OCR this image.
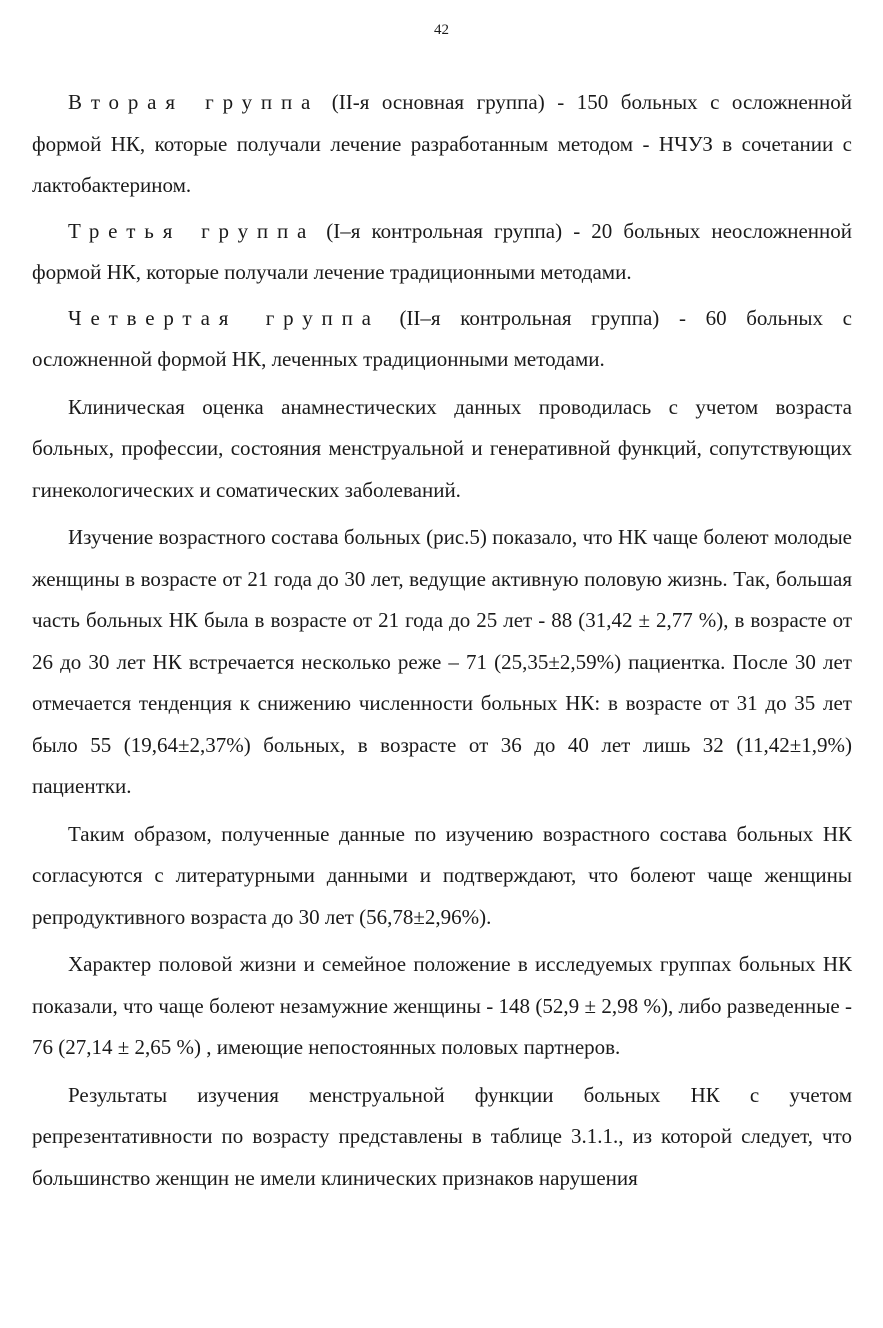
42

Вторая группа (II-я основная группа) - 150 больных с осложненной формой НК, которые получали лечение разработанным методом - НЧУЗ в сочетании с лактобактерином.

Третья группа (I–я контрольная группа) - 20 больных неосложненной формой НК, которые получали лечение традиционными методами.

Четвертая группа (II–я контрольная группа) - 60 больных с осложненной формой НК, леченных традиционными методами.

Клиническая оценка анамнестических данных проводилась с учетом возраста больных, профессии, состояния менструальной и генеративной функций, сопутствующих гинекологических и соматических заболеваний.

Изучение возрастного состава больных (рис.5) показало, что НК чаще болеют молодые женщины в возрасте от 21 года до 30 лет, ведущие активную половую жизнь. Так, большая часть больных НК была в возрасте от 21 года до 25 лет - 88 (31,42 ± 2,77 %), в возрасте от 26 до 30 лет НК встречается несколько реже – 71 (25,35±2,59%) пациентка. После 30 лет отмечается тенденция к снижению численности больных НК: в возрасте от 31 до 35 лет было 55 (19,64±2,37%) больных, в возрасте от 36 до 40 лет лишь 32 (11,42±1,9%) пациентки.

Таким образом, полученные данные по изучению возрастного состава больных НК согласуются с литературными данными и подтверждают, что болеют чаще женщины репродуктивного возраста до 30 лет (56,78±2,96%).

Характер половой жизни и семейное положение в исследуемых группах больных НК показали, что чаще болеют незамужние женщины - 148 (52,9 ± 2,98 %), либо разведенные - 76 (27,14 ± 2,65 %) , имеющие непостоянных половых партнеров.

Результаты изучения менструальной функции больных НК с учетом репрезентативности по возрасту представлены в таблице 3.1.1., из которой следует, что большинство женщин не имели клинических признаков нарушения
